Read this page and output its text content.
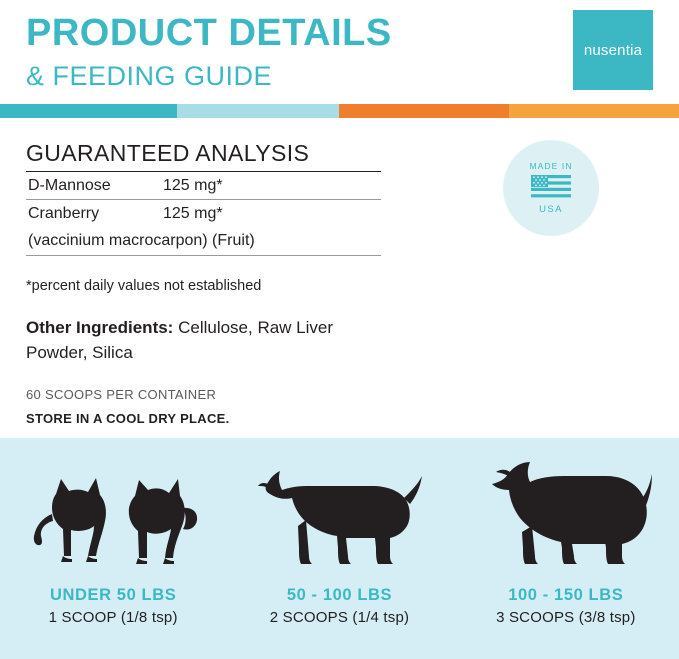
PRODUCT DETAILS
& FEEDING GUIDE
nusentia
❧
GUARANTEED ANALYSIS
D-Mannose	125 mg*
Cranberry	125 mg*
(vaccinium macrocarpon) (Fruit)
*percent daily values not established
Other Ingredients: Cellulose, Raw Liver Powder, Silica
60 SCOOPS PER CONTAINER
STORE IN A COOL DRY PLACE.
MADE IN
USA
UNDER 50 LBS
1 SCOOP (1/8 tsp)
50 - 100 LBS
2 SCOOPS (1/4 tsp)
100 - 150 LBS
3 SCOOPS (3/8 tsp)
